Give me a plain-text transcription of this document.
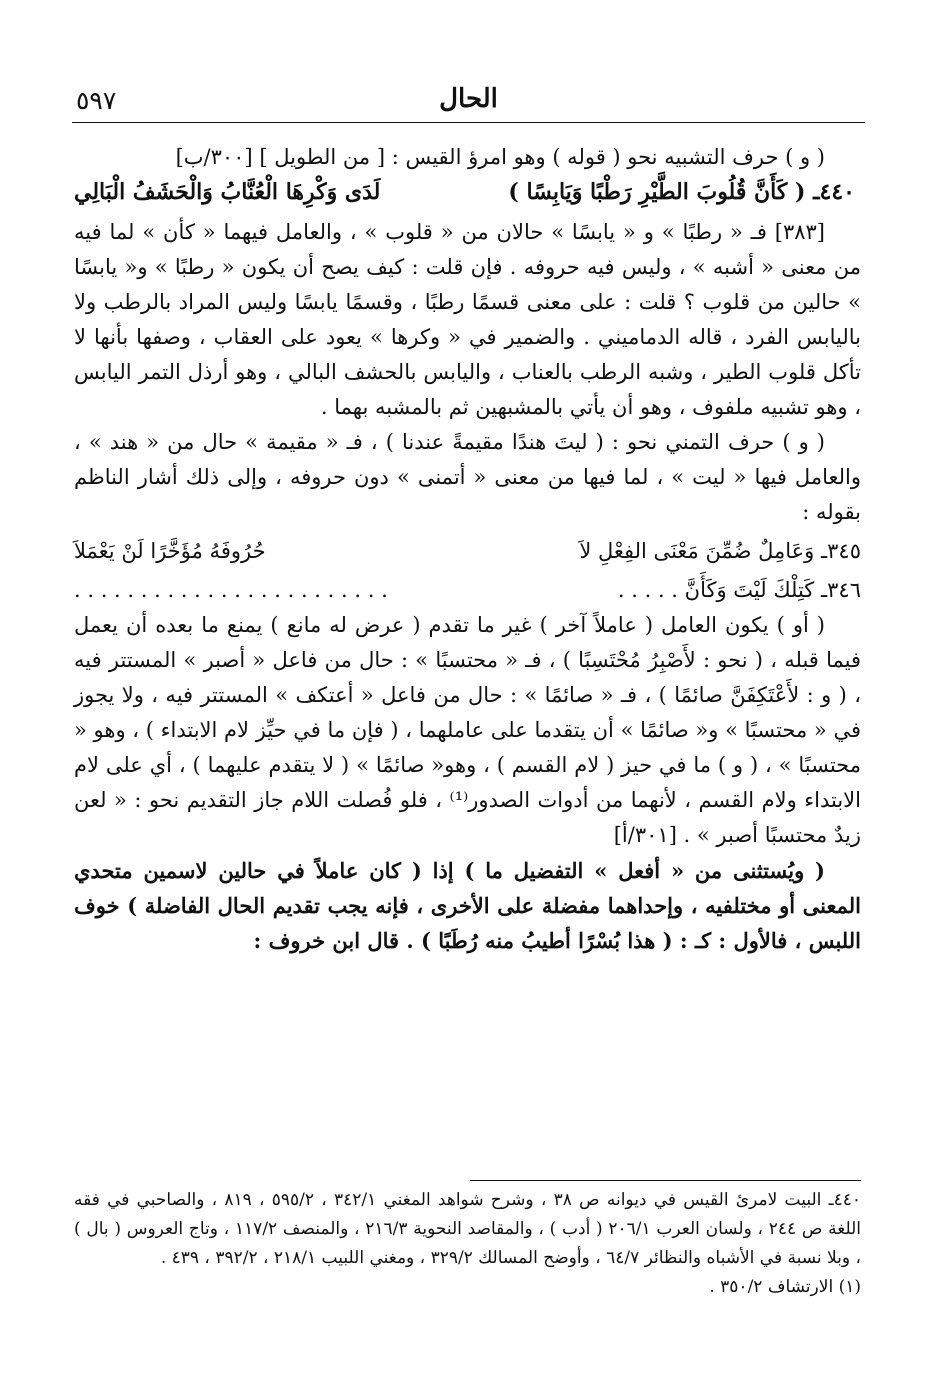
الحال
٥٩٧

( و ) حرف التشبيه نحو ( قوله ) وهو امرؤ القيس : [ من الطويل ] [٣٠٠/ب]

٤٤٠ـ ( كَأَنَّ قُلُوبَ الطَّيْرِ رَطْبًا وَيَابِسًا )
لَدَى وَكْرِهَا الْعُنَّابُ وَالْحَشَفُ الْبَالِي

[٣٨٣] فـ « رطبًا » و « يابسًا » حالان من « قلوب » ، والعامل فيهما « كأن » لما فيه من معنى « أشبه » ، وليس فيه حروفه . فإن قلت : كيف يصح أن يكون « رطبًا » و« يابسًا » حالين من قلوب ؟ قلت : على معنى قسمًا رطبًا ، وقسمًا يابسًا وليس المراد بالرطب ولا باليابس الفرد ، قاله الدماميني . والضمير في « وكرها » يعود على العقاب ، وصفها بأنها لا تأكل قلوب الطير ، وشبه الرطب بالعناب ، واليابس بالحشف البالي ، وهو أرذل التمر اليابس ، وهو تشبيه ملفوف ، وهو أن يأتي بالمشبهين ثم بالمشبه بهما .

( و ) حرف التمني نحو : ( ليتَ هندًا مقيمةً عندنا ) ، فـ « مقيمة » حال من « هند » ، والعامل فيها « ليت » ، لما فيها من معنى « أتمنى » دون حروفه ، وإلى ذلك أشار الناظم بقوله :

٣٤٥ـ وَعَامِلٌ ضُمِّنَ مَعْنَى الفِعْلِ لاَ
حُرُوفَهُ مُؤَخَّرًا لَنْ يَعْمَلاَ
٣٤٦ـ كَتِلْكَ لَيْتَ وَكَأَنَّ . . . . .
. . . . . . . . . . . . . . . . . . . . . . . .

( أو ) يكون العامل ( عاملاً آخر ) غير ما تقدم ( عرض له مانع ) يمنع ما بعده أن يعمل فيما قبله ، ( نحو : لأَصْبِرُ مُحْتَسِبًا ) ، فـ « محتسبًا » : حال من فاعل « أصبر » المستتر فيه ، ( و : لأَعْتَكِفَنَّ صائمًا ) ، فـ « صائمًا » : حال من فاعل « أعتكف » المستتر فيه ، ولا يجوز في « محتسبًا » و« صائمًا » أن يتقدما على عاملهما ، ( فإن ما في حيِّز لام الابتداء ) ، وهو « محتسبًا » ، ( و ) ما في حيز ( لام القسم ) ، وهو« صائمًا » ( لا يتقدم عليهما ) ، أي على لام الابتداء ولام القسم ، لأنهما من أدوات الصدور⁽¹⁾ ، فلو فُصلت اللام جاز التقديم نحو : « لعن زيدٌ محتسبًا أصبر » . [٣٠١/أ]

( ويُستثنى من « أفعل » التفضيل ما ) إذا ( كان عاملاً في حالين لاسمين متحدي المعنى أو مختلفيه ، وإحداهما مفضلة على الأخرى ، فإنه يجب تقديم الحال الفاضلة ) خوف اللبس ، فالأول : كـ : ( هذا بُسْرًا أطيبُ منه رُطَبًا ) . قال ابن خروف :

٤٤٠ـ البيت لامرئ القيس في ديوانه ص ٣٨ ، وشرح شواهد المغني ٣٤٢/١ ، ٥٩٥/٢ ، ٨١٩ ، والصاحبي في فقه اللغة ص ٢٤٤ ، ولسان العرب ٢٠٦/١ ( أدب ) ، والمقاصد النحوية ٢١٦/٣ ، والمنصف ١١٧/٢ ، وتاج العروس ( بال ) ، وبلا نسبة في الأشباه والنظائر ٦٤/٧ ، وأوضح المسالك ٣٢٩/٢ ، ومغني اللبيب ٢١٨/١ ، ٣٩٢/٢ ، ٤٣٩ .

(١) الارتشاف ٣٥٠/٢ .
